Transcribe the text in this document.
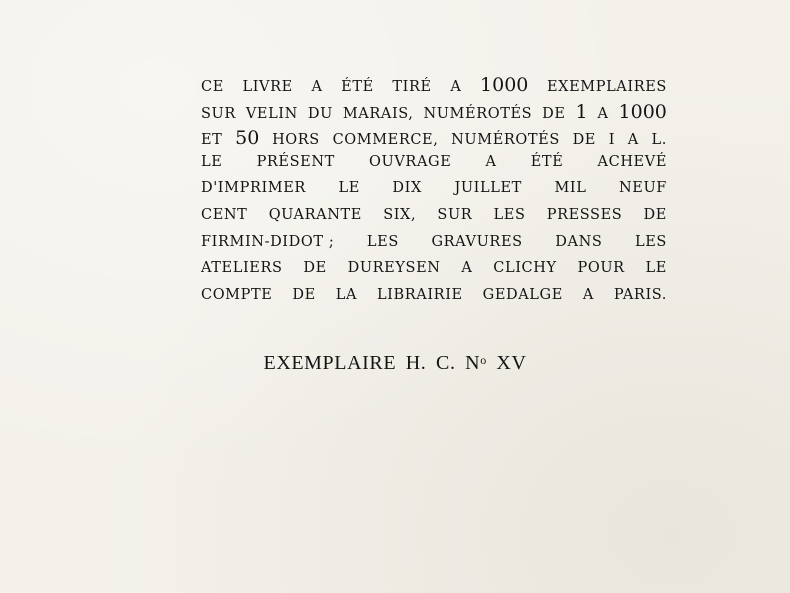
CE LIVRE A ÉTÉ TIRÉ A 1000 EXEMPLAIRES
SUR VELIN DU MARAIS, NUMÉROTÉS DE 1 A 1000
ET 50 HORS COMMERCE, NUMÉROTÉS DE I A L.
LE PRÉSENT OUVRAGE A ÉTÉ ACHEVÉ
D'IMPRIMER LE DIX JUILLET MIL NEUF
CENT QUARANTE SIX, SUR LES PRESSES DE
FIRMIN-DIDOT ; LES GRAVURES DANS LES
ATELIERS DE DUREYSEN A CLICHY POUR LE
COMPTE DE LA LIBRAIRIE GEDALGE A PARIS.
EXEMPLAIRE H. C. $N^o$ XV
